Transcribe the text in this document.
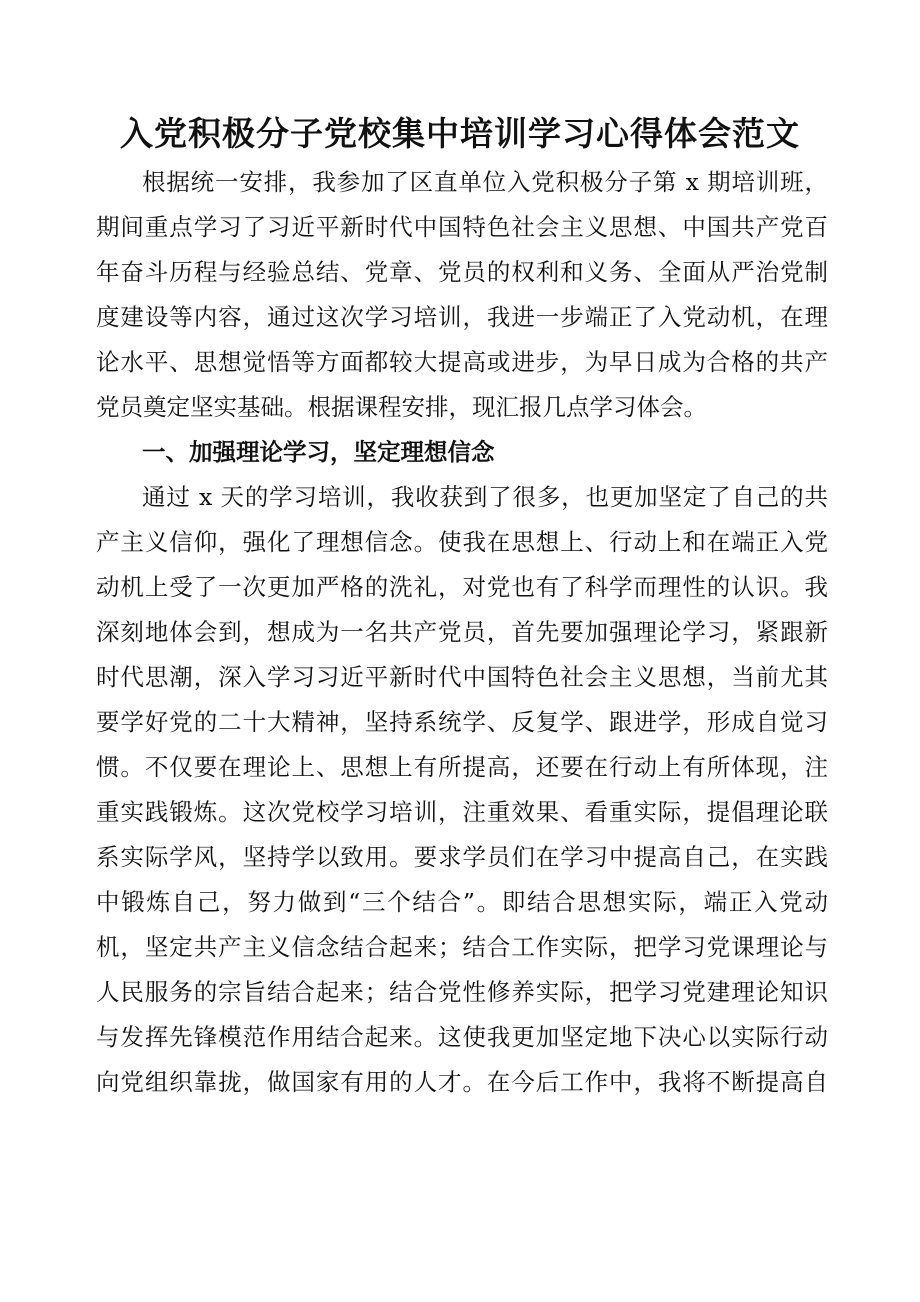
入党积极分子党校集中培训学习心得体会范文
根据统一安排，我参加了区直单位入党积极分子第 x 期培训班，
期间重点学习了习近平新时代中国特色社会主义思想、中国共产党百
年奋斗历程与经验总结、党章、党员的权利和义务、全面从严治党制
度建设等内容，通过这次学习培训，我进一步端正了入党动机，在理
论水平、思想觉悟等方面都较大提高或进步，为早日成为合格的共产
党员奠定坚实基础。根据课程安排，现汇报几点学习体会。
一、加强理论学习，坚定理想信念
通过 x 天的学习培训，我收获到了很多，也更加坚定了自己的共
产主义信仰，强化了理想信念。使我在思想上、行动上和在端正入党
动机上受了一次更加严格的洗礼，对党也有了科学而理性的认识。我
深刻地体会到，想成为一名共产党员，首先要加强理论学习，紧跟新
时代思潮，深入学习习近平新时代中国特色社会主义思想，当前尤其
要学好党的二十大精神，坚持系统学、反复学、跟进学，形成自觉习
惯。不仅要在理论上、思想上有所提高，还要在行动上有所体现，注
重实践锻炼。这次党校学习培训，注重效果、看重实际，提倡理论联
系实际学风，坚持学以致用。要求学员们在学习中提高自己，在实践
中锻炼自己，努力做到“三个结合”。即结合思想实际，端正入党动
机，坚定共产主义信念结合起来；结合工作实际，把学习党课理论与
人民服务的宗旨结合起来；结合党性修养实际，把学习党建理论知识
与发挥先锋模范作用结合起来。这使我更加坚定地下决心以实际行动
向党组织靠拢，做国家有用的人才。在今后工作中，我将不断提高自
